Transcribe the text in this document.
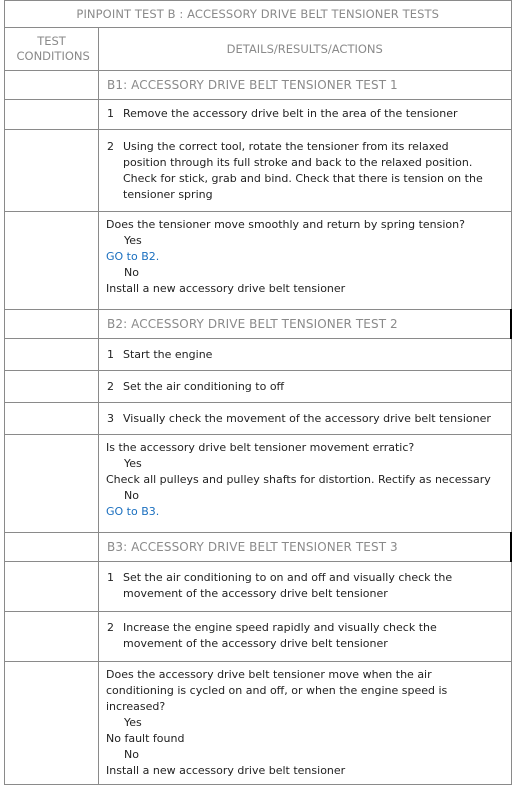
PINPOINT TEST B : ACCESSORY DRIVE BELT TENSIONER TESTS	

TEST CONDITIONS	DETAILS/RESULTS/ACTIONS
	B1: ACCESSORY DRIVE BELT TENSIONER TEST 1
	1 Remove the accessory drive belt in the area of the tensioner
	2 Using the correct tool, rotate the tensioner from its relaxed position through its full stroke and back to the relaxed position. Check for stick, grab and bind. Check that there is tension on the tensioner spring

	Does the tensioner move smoothly and return by spring tension?
Yes
GO to B2.
No
Install a new accessory drive belt tensioner

	B2: ACCESSORY DRIVE BELT TENSIONER TEST 2
	1 Start the engine
	2 Set the air conditioning to off
	3 Visually check the movement of the accessory drive belt tensioner

	Is the accessory drive belt tensioner movement erratic?
Yes
Check all pulleys and pulley shafts for distortion. Rectify as necessary
No
GO to B3.

	B3: ACCESSORY DRIVE BELT TENSIONER TEST 3
	1 Set the air conditioning to on and off and visually check the movement of the accessory drive belt tensioner
	2 Increase the engine speed rapidly and visually check the movement of the accessory drive belt tensioner

	Does the accessory drive belt tensioner move when the air conditioning is cycled on and off, or when the engine speed is increased?
Yes
No fault found
No
Install a new accessory drive belt tensioner
